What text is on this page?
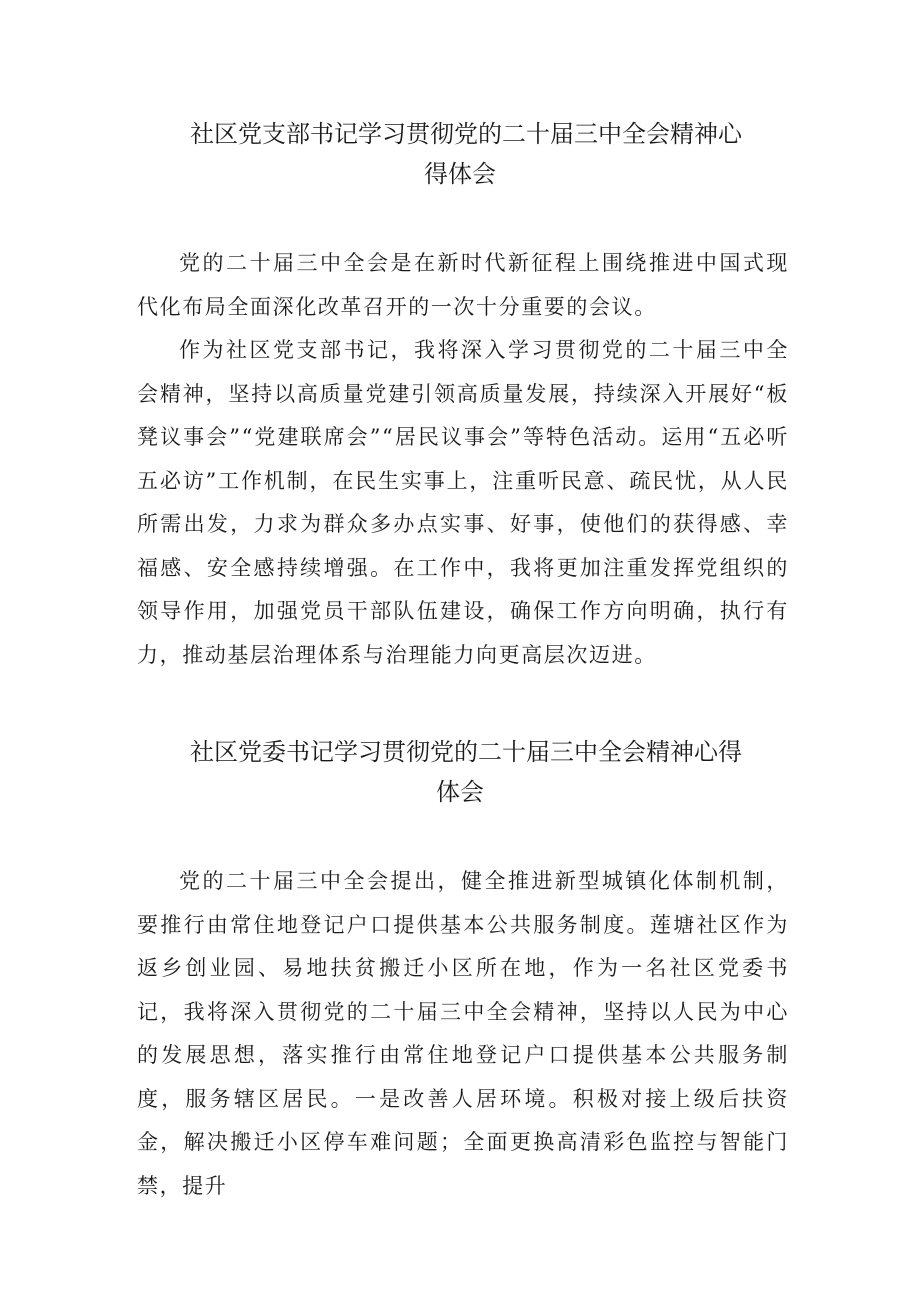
社区党支部书记学习贯彻党的二十届三中全会精神心
得体会

党的二十届三中全会是在新时代新征程上围绕推进中国式现代化布局全面深化改革召开的一次十分重要的会议。

作为社区党支部书记，我将深入学习贯彻党的二十届三中全会精神，坚持以高质量党建引领高质量发展，持续深入开展好“板凳议事会”“党建联席会”“居民议事会”等特色活动。运用“五必听五必访”工作机制，在民生实事上，注重听民意、疏民忧，从人民所需出发，力求为群众多办点实事、好事，使他们的获得感、幸福感、安全感持续增强。在工作中，我将更加注重发挥党组织的领导作用，加强党员干部队伍建设，确保工作方向明确，执行有力，推动基层治理体系与治理能力向更高层次迈进。

社区党委书记学习贯彻党的二十届三中全会精神心得
体会

党的二十届三中全会提出，健全推进新型城镇化体制机制，要推行由常住地登记户口提供基本公共服务制度。莲塘社区作为返乡创业园、易地扶贫搬迁小区所在地，作为一名社区党委书记，我将深入贯彻党的二十届三中全会精神，坚持以人民为中心的发展思想，落实推行由常住地登记户口提供基本公共服务制度，服务辖区居民。一是改善人居环境。积极对接上级后扶资金，解决搬迁小区停车难问题；全面更换高清彩色监控与智能门禁，提升
